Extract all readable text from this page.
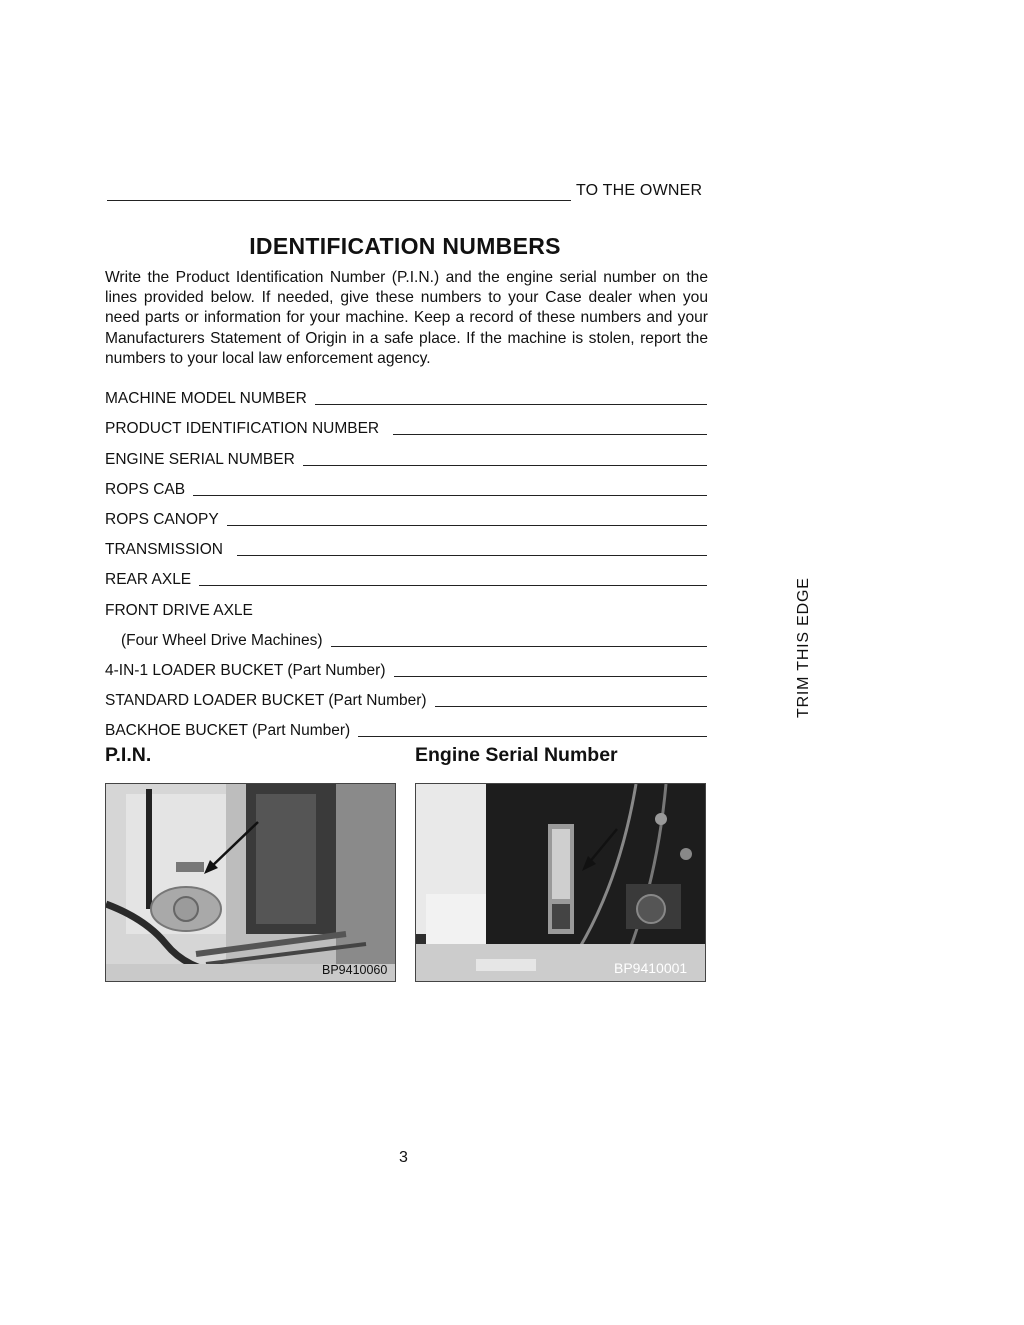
TO THE OWNER
IDENTIFICATION NUMBERS
Write the Product Identification Number (P.I.N.) and the engine serial number on the lines provided below. If needed, give these numbers to your Case dealer when you need parts or information for your machine. Keep a record of these numbers and your Manufacturers Statement of Origin in a safe place. If the machine is stolen, report the numbers to your local law enforcement agency.
MACHINE MODEL NUMBER
PRODUCT IDENTIFICATION NUMBER
ENGINE SERIAL NUMBER
ROPS CAB
ROPS CANOPY
TRANSMISSION
REAR AXLE
FRONT DRIVE AXLE
(Four Wheel Drive Machines)
4-IN-1 LOADER BUCKET (Part Number)
STANDARD LOADER BUCKET (Part Number)
BACKHOE BUCKET (Part Number)
P.I.N.	Engine Serial Number
BP9410060	BP9410001
TRIM THIS EDGE
3
